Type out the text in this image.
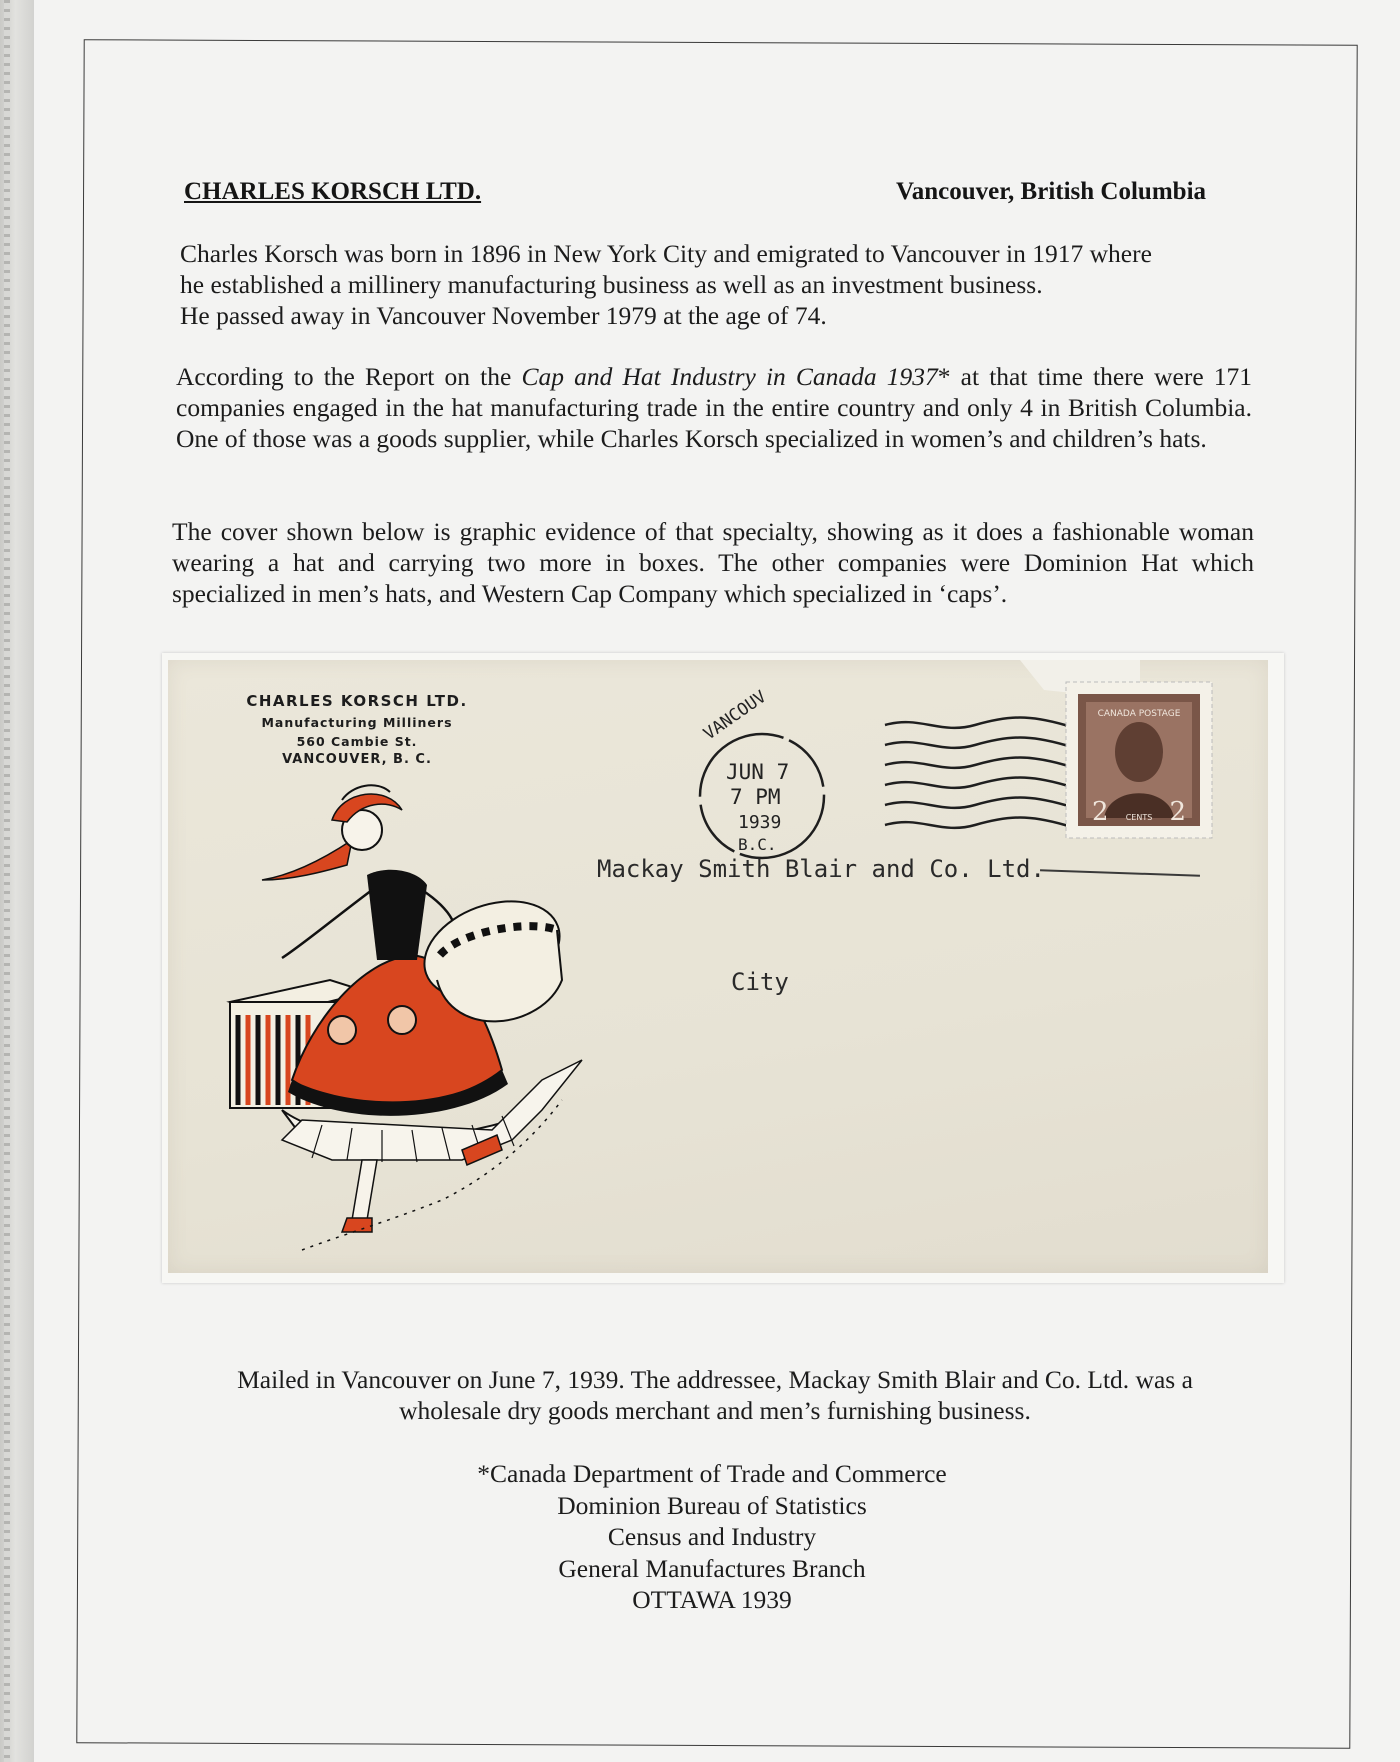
CHARLES KORSCH LTD.	Vancouver, British Columbia
Charles Korsch was born in 1896 in New York City and emigrated to Vancouver in 1917 where
he established a millinery manufacturing business as well as an investment business.
He passed away in Vancouver November 1979 at the age of 74.
According to the Report on the Cap and Hat Industry in Canada 1937* at that time there were 171 companies engaged in the hat manufacturing trade in the entire country and only 4 in British Columbia. One of those was a goods supplier, while Charles Korsch specialized in women’s and children’s hats.
The cover shown below is graphic evidence of that specialty, showing as it does a fashionable woman wearing a hat and carrying two more in boxes. The other companies were Dominion Hat which specialized in men’s hats, and Western Cap Company which specialized in ‘caps’.
CHARLES KORSCH LTD.
Manufacturing Milliners
560 Cambie St.
VANCOUVER, B. C.
VANCOUV
JUN 7
7 PM
1939
B.C.
CANADA POSTAGE
2 2
CENTS
Mackay Smith Blair and Co. Ltd.
City
Mailed in Vancouver on June 7, 1939. The addressee, Mackay Smith Blair and Co. Ltd. was a
wholesale dry goods merchant and men’s furnishing business.
*Canada Department of Trade and Commerce
Dominion Bureau of Statistics
Census and Industry
General Manufactures Branch
OTTAWA 1939
